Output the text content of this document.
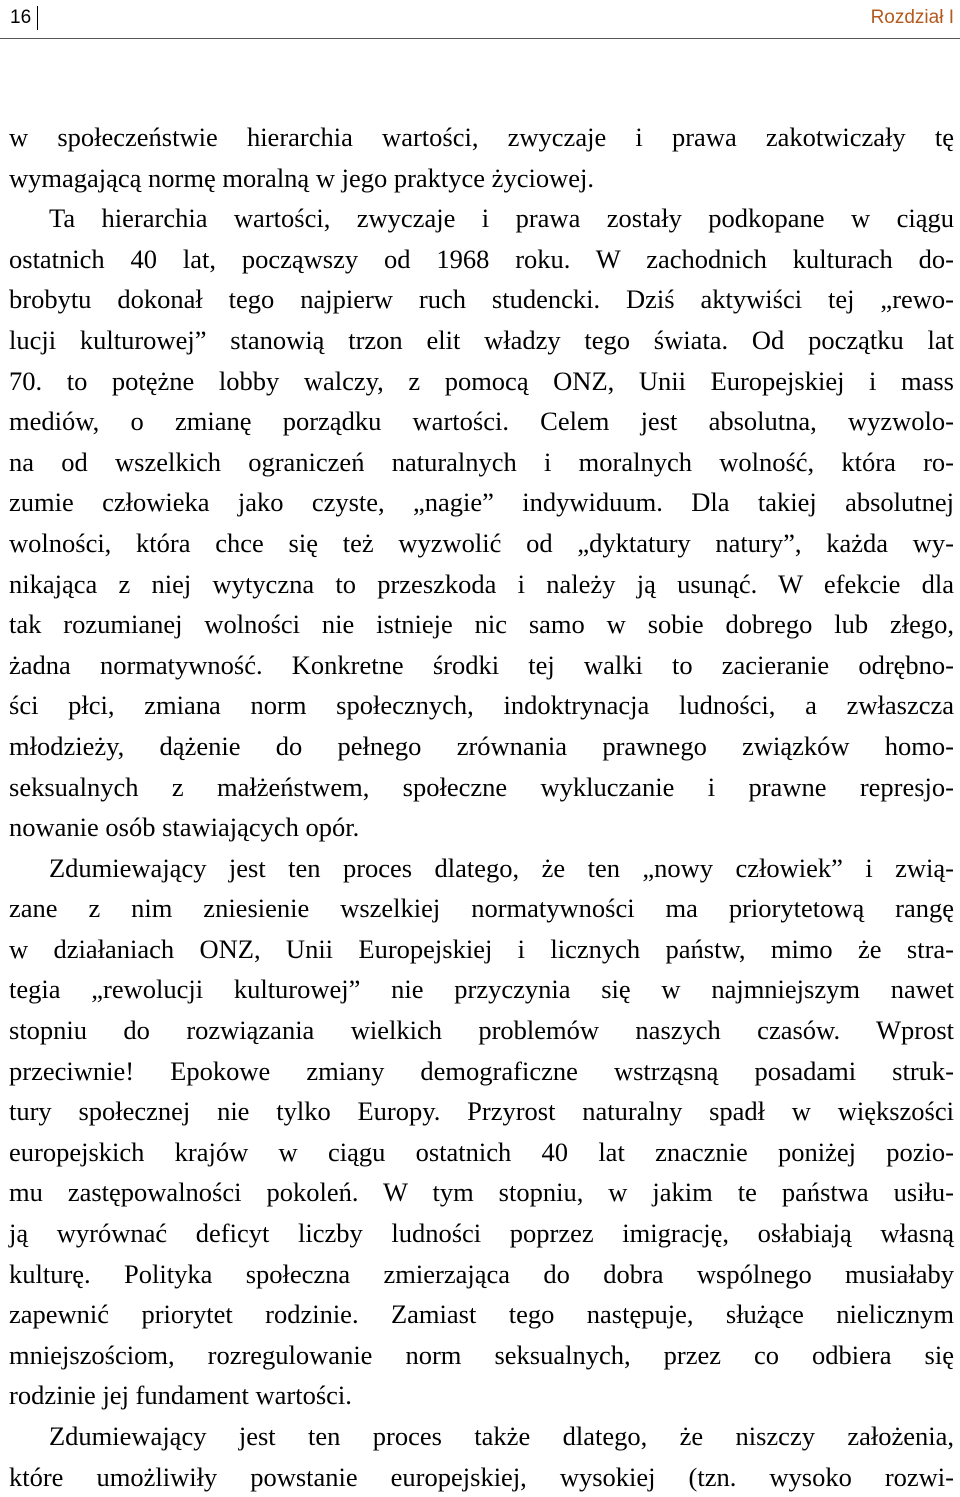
16	Rozdział I
w społeczeństwie hierarchia wartości, zwyczaje i prawa zakotwiczały tę
wymagającą normę moralną w jego praktyce życiowej.
Ta hierarchia wartości, zwyczaje i prawa zostały podkopane w ciągu
ostatnich 40 lat, począwszy od 1968 roku. W zachodnich kulturach do-
brobytu dokonał tego najpierw ruch studencki. Dziś aktywiści tej „rewo-
lucji kulturowej” stanowią trzon elit władzy tego świata. Od początku lat
70. to potężne lobby walczy, z pomocą ONZ, Unii Europejskiej i mass
mediów, o zmianę porządku wartości. Celem jest absolutna, wyzwolo-
na od wszelkich ograniczeń naturalnych i moralnych wolność, która ro-
zumie człowieka jako czyste, „nagie” indywiduum. Dla takiej absolutnej
wolności, która chce się też wyzwolić od „dyktatury natury”, każda wy-
nikająca z niej wytyczna to przeszkoda i należy ją usunąć. W efekcie dla
tak rozumianej wolności nie istnieje nic samo w sobie dobrego lub złego,
żadna normatywność. Konkretne środki tej walki to zacieranie odrębno-
ści płci, zmiana norm społecznych, indoktrynacja ludności, a zwłaszcza
młodzieży, dążenie do pełnego zrównania prawnego związków homo-
seksualnych z małżeństwem, społeczne wykluczanie i prawne represjo-
nowanie osób stawiających opór.
Zdumiewający jest ten proces dlatego, że ten „nowy człowiek” i zwią-
zane z nim zniesienie wszelkiej normatywności ma priorytetową rangę
w działaniach ONZ, Unii Europejskiej i licznych państw, mimo że stra-
tegia „rewolucji kulturowej” nie przyczynia się w najmniejszym nawet
stopniu do rozwiązania wielkich problemów naszych czasów. Wprost
przeciwnie! Epokowe zmiany demograficzne wstrząsną posadami struk-
tury społecznej nie tylko Europy. Przyrost naturalny spadł w większości
europejskich krajów w ciągu ostatnich 40 lat znacznie poniżej pozio-
mu zastępowalności pokoleń. W tym stopniu, w jakim te państwa usiłu-
ją wyrównać deficyt liczby ludności poprzez imigrację, osłabiają własną
kulturę. Polityka społeczna zmierzająca do dobra wspólnego musiałaby
zapewnić priorytet rodzinie. Zamiast tego następuje, służące nielicznym
mniejszościom, rozregulowanie norm seksualnych, przez co odbiera się
rodzinie jej fundament wartości.
Zdumiewający jest ten proces także dlatego, że niszczy założenia,
które umożliwiły powstanie europejskiej, wysokiej (tzn. wysoko rozwi-
